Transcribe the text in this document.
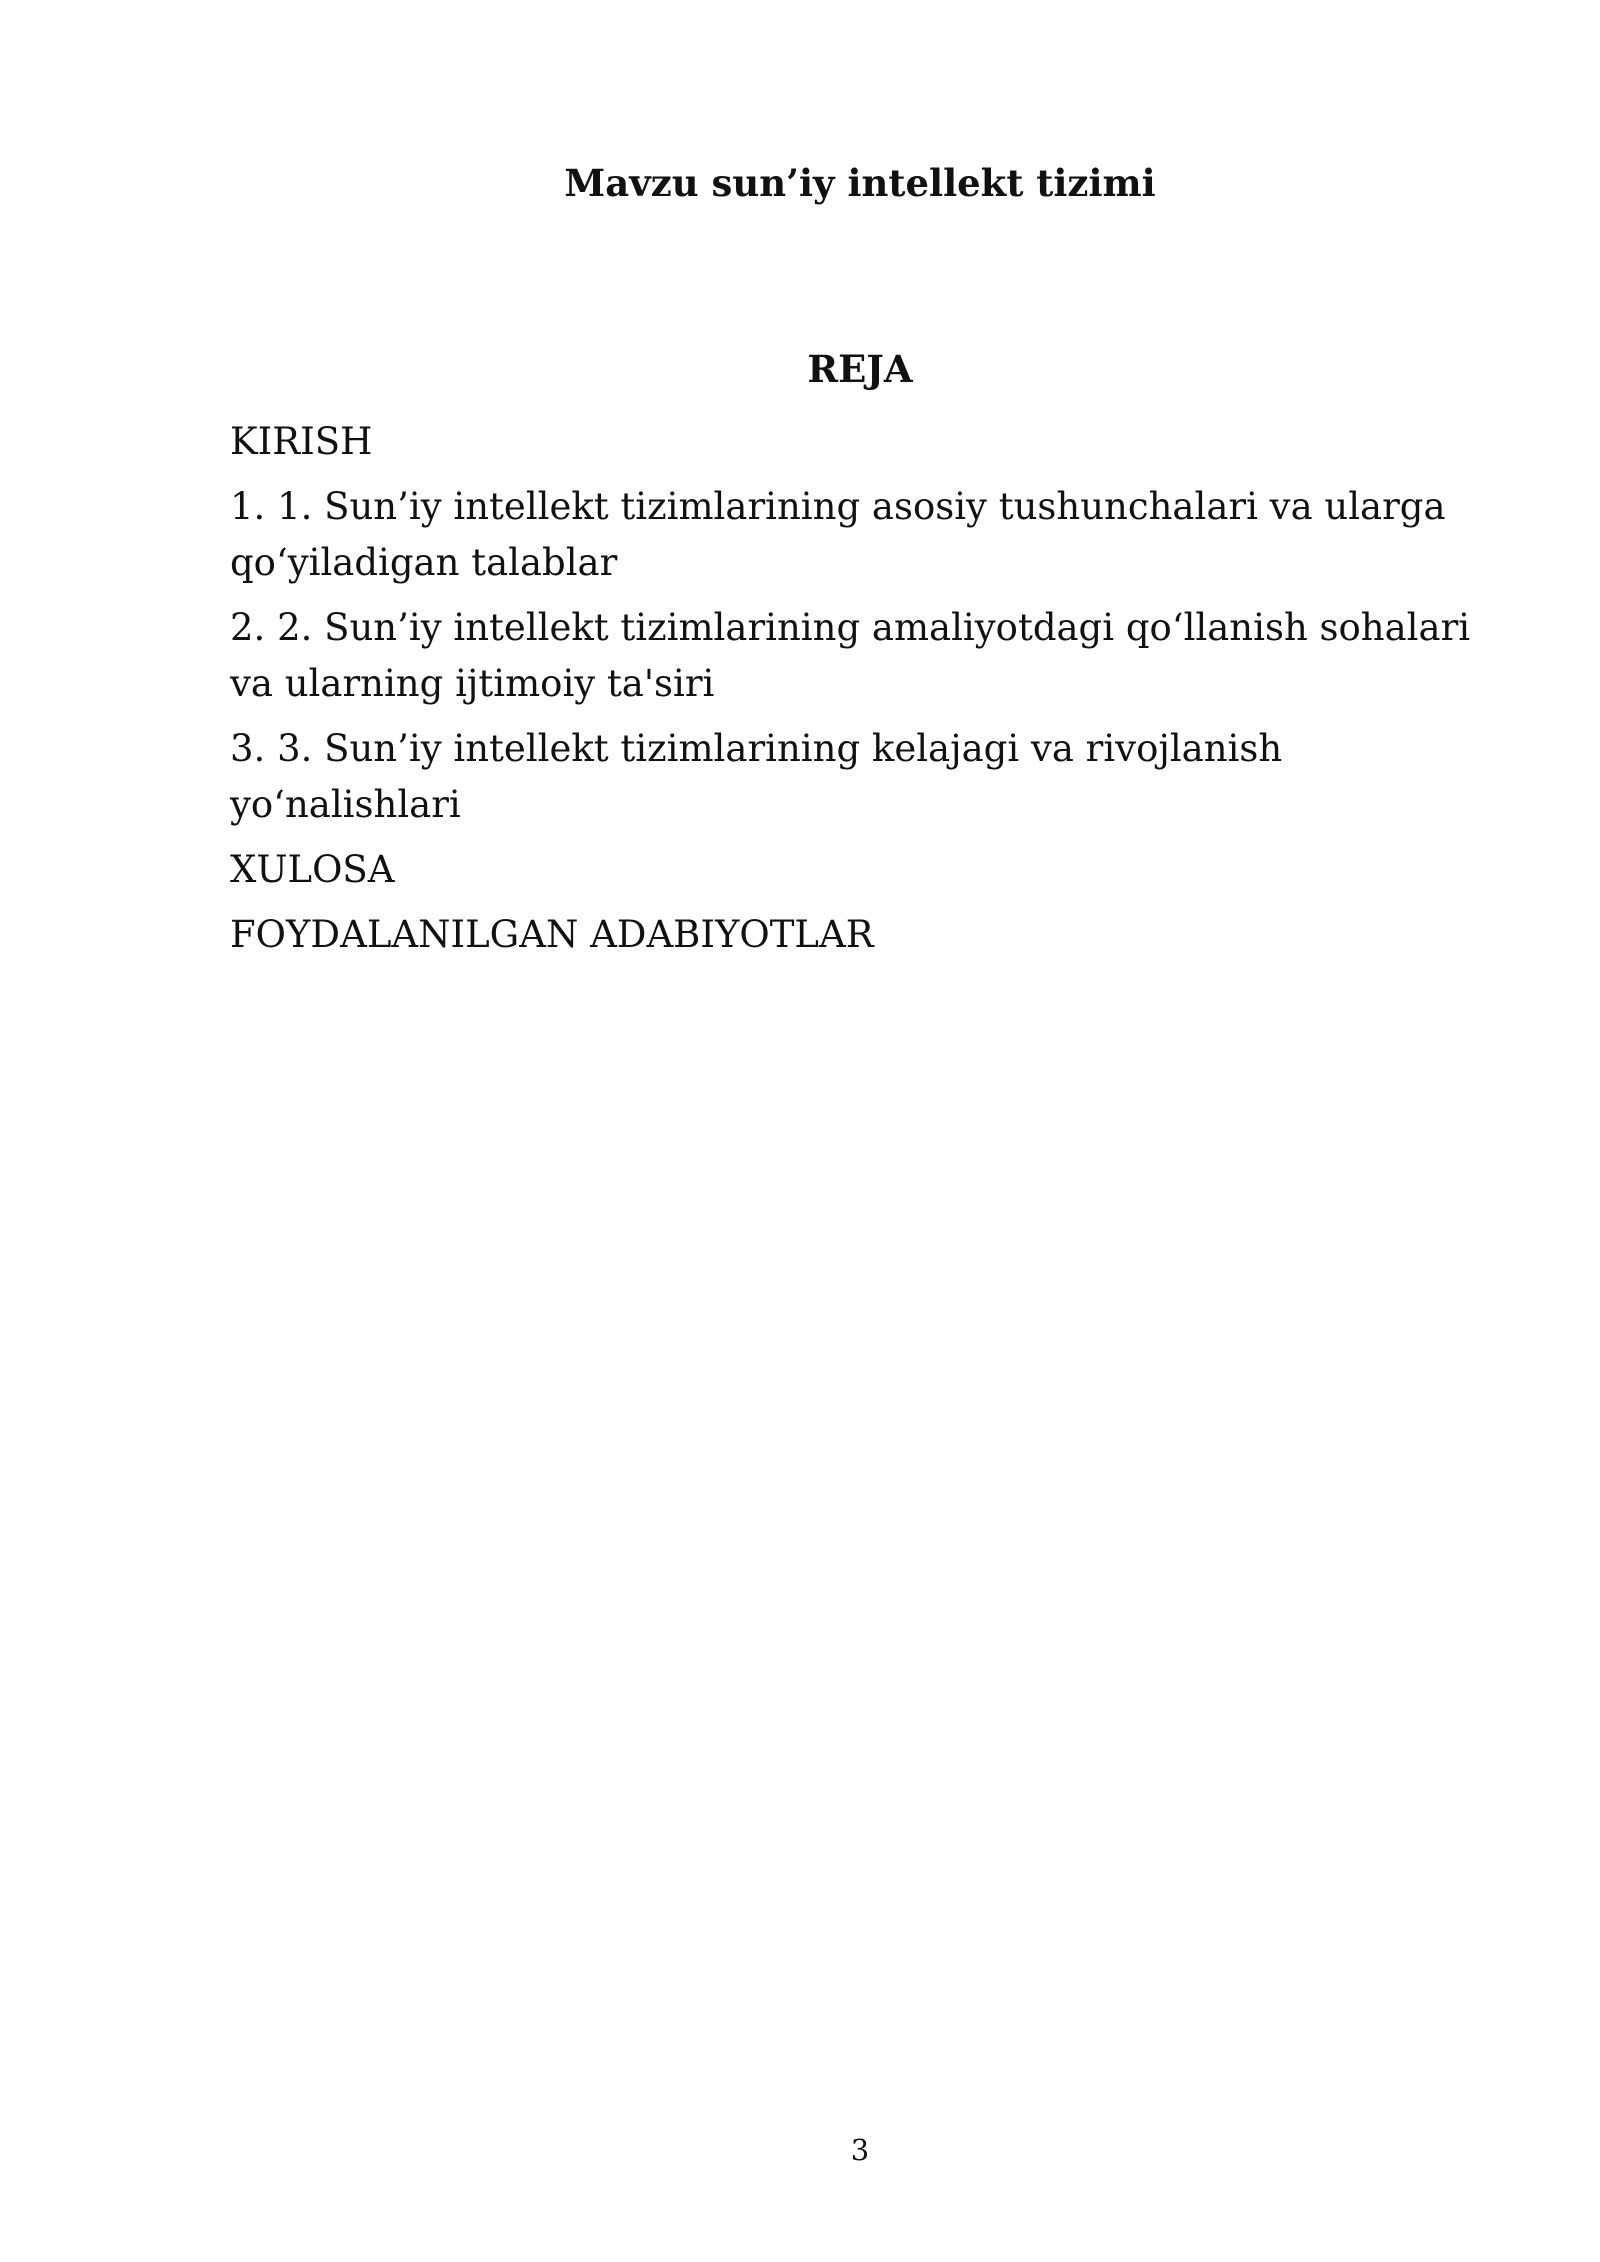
Mavzu sun’iy intellekt tizimi
REJA
KIRISH
1. 1. Sun’iy intellekt tizimlarining asosiy tushunchalari va ularga qo‘yiladigan talablar
2. 2. Sun’iy intellekt tizimlarining amaliyotdagi qo‘llanish sohalari va ularning ijtimoiy ta'siri
3. 3. Sun’iy intellekt tizimlarining kelajagi va rivojlanish yo‘nalishlari
XULOSA
FOYDALANILGAN ADABIYOTLAR
3
